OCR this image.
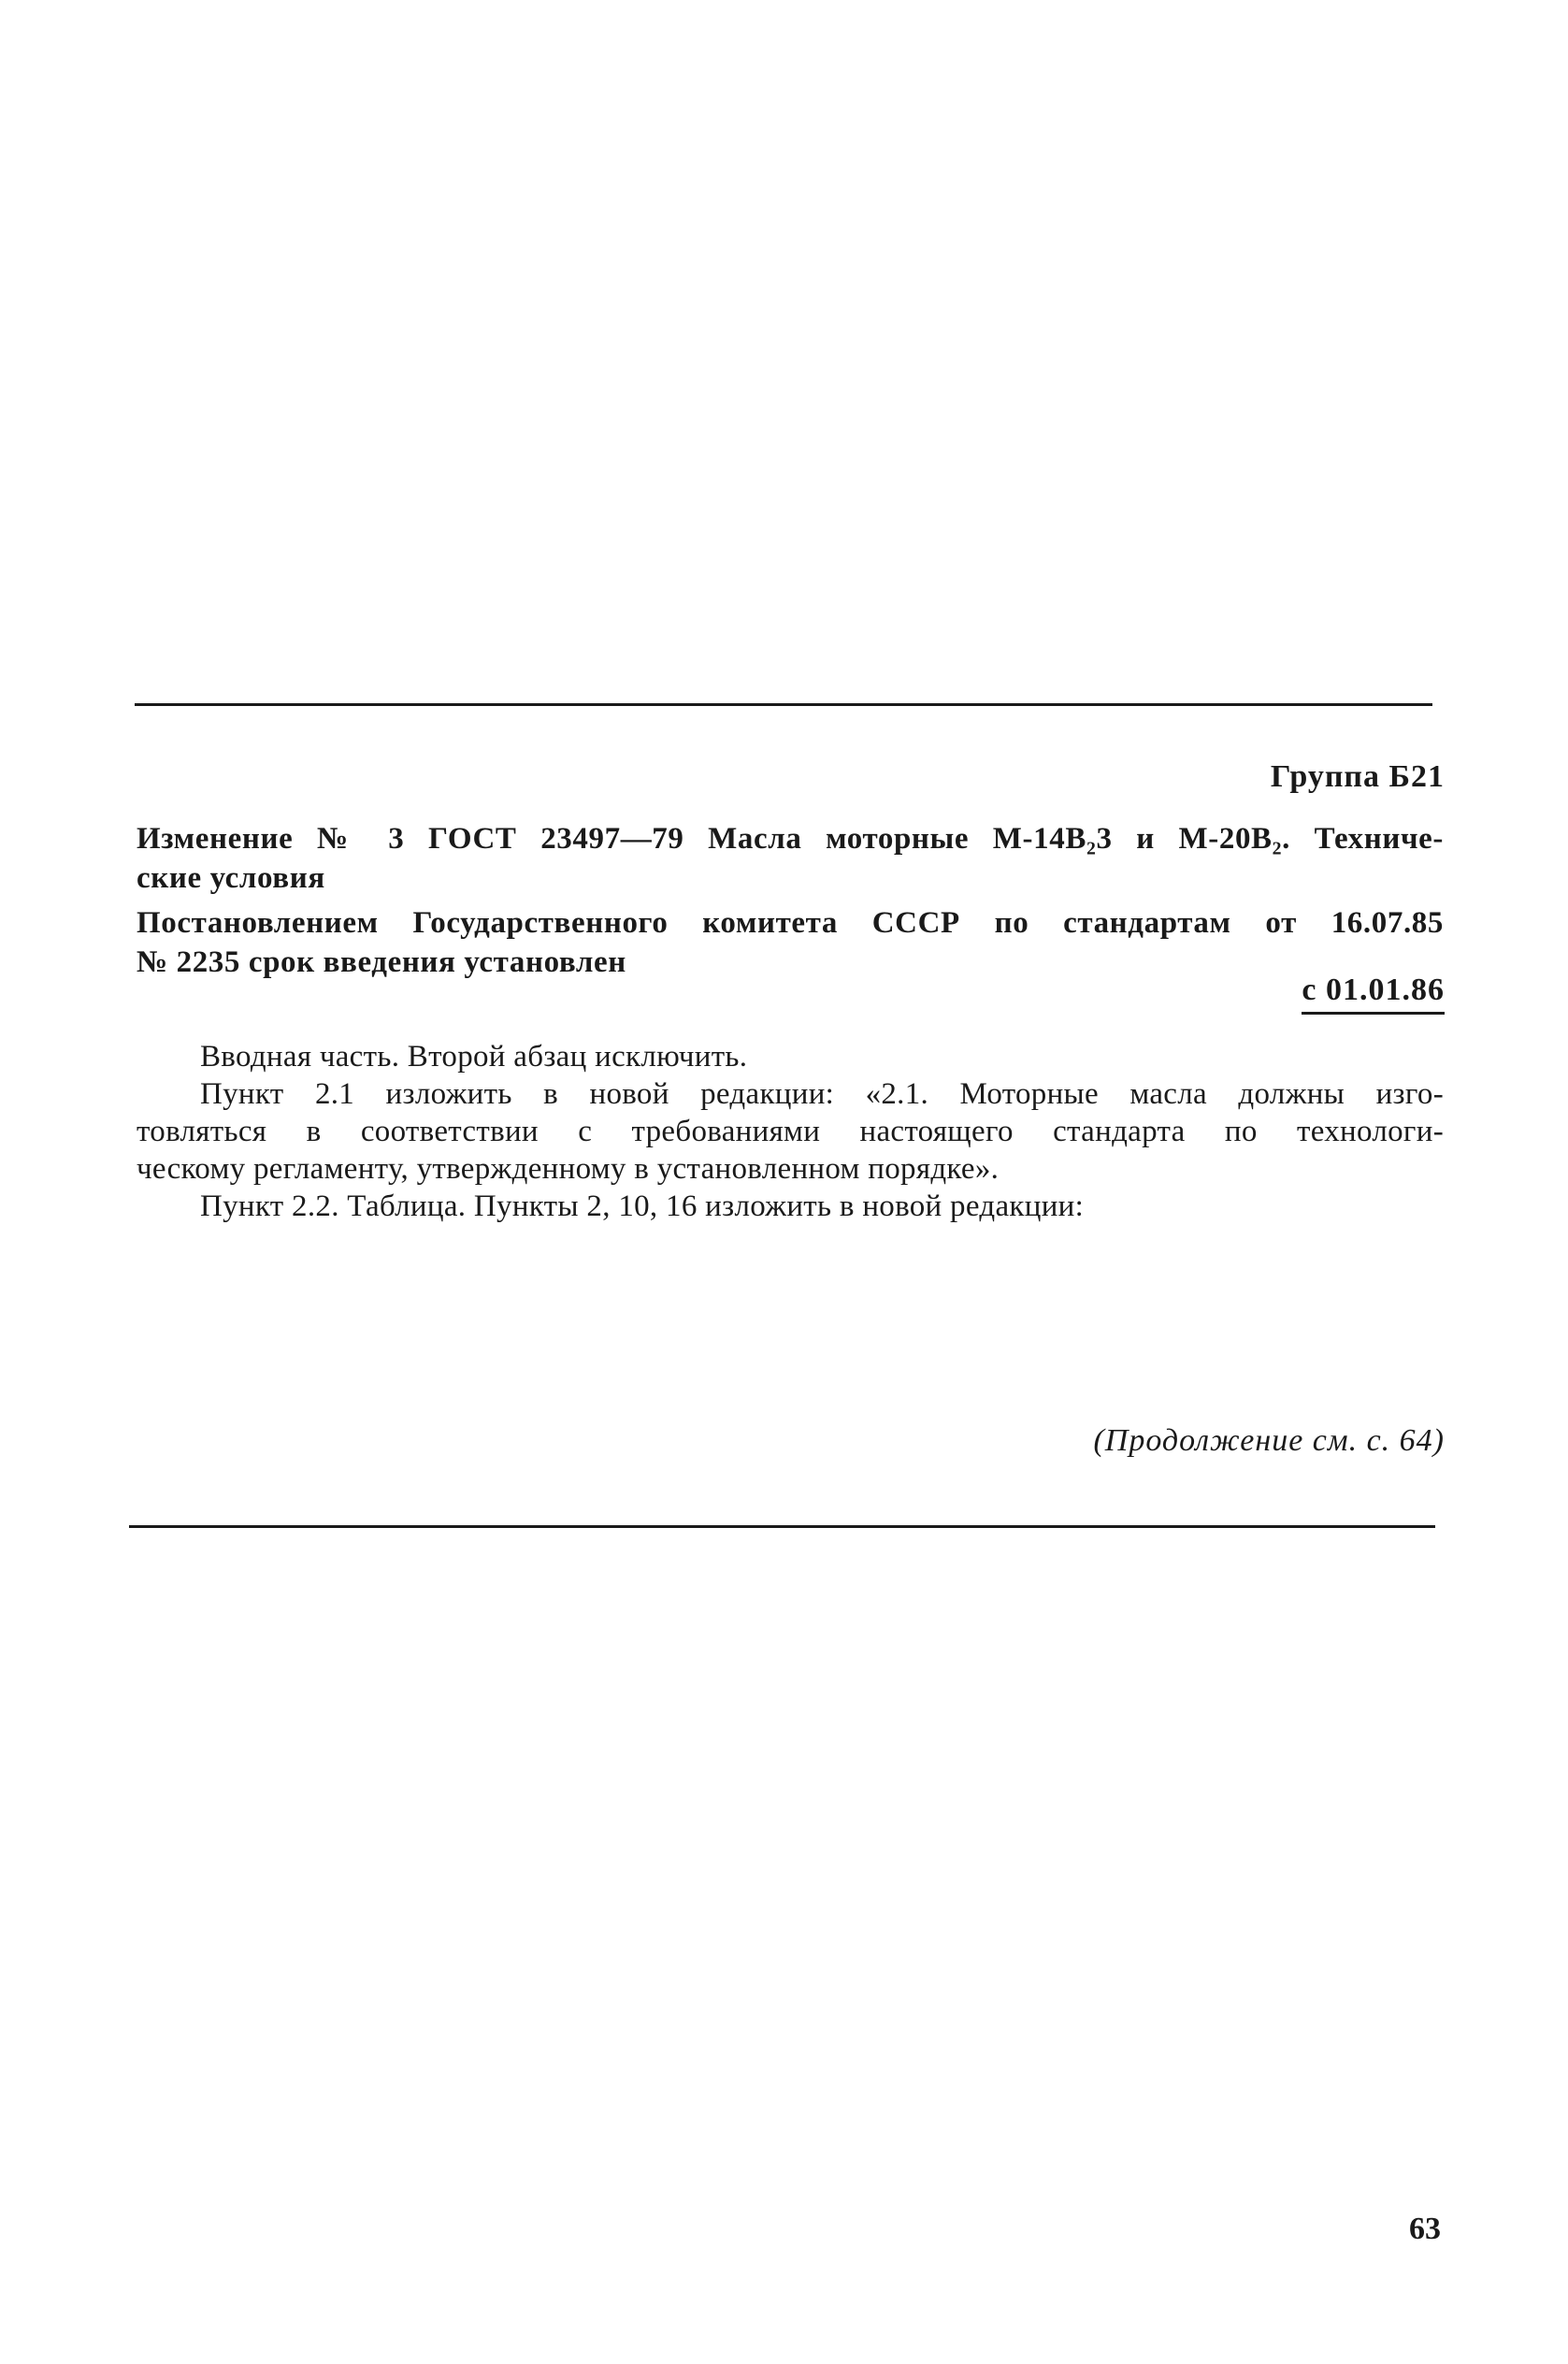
Группа Б21
Изменение № 3 ГОСТ 23497—79 Масла моторные М-14В₂3 и М-20В₂. Техниче-
ские условия
Постановлением Государственного комитета СССР по стандартам от 16.07.85
№ 2235 срок введения установлен
с 01.01.86
Вводная часть. Второй абзац исключить.
Пункт 2.1 изложить в новой редакции: «2.1. Моторные масла должны изго-
товляться в соответствии с требованиями настоящего стандарта по технологи-
ческому регламенту, утвержденному в установленном порядке».
Пункт 2.2. Таблица. Пункты 2, 10, 16 изложить в новой редакции:
(Продолжение см. с. 64)
63
